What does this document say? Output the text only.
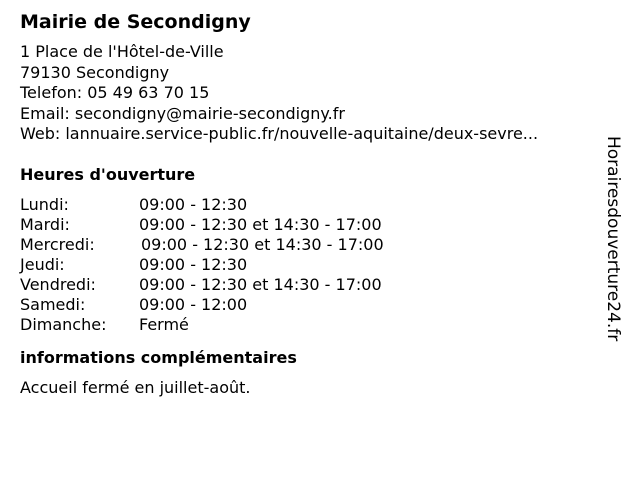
Mairie de Secondigny
1 Place de l'Hôtel-de-Ville
79130 Secondigny
Telefon: 05 49 63 70 15
Email: secondigny@mairie-secondigny.fr
Web: lannuaire.service-public.fr/nouvelle-aquitaine/deux-sevre...
Heures d'ouverture
Lundi:	09:00 - 12:30
Mardi:	09:00 - 12:30 et 14:30 - 17:00
Mercredi:	09:00 - 12:30 et 14:30 - 17:00
Jeudi:	09:00 - 12:30
Vendredi:	09:00 - 12:30 et 14:30 - 17:00
Samedi:	09:00 - 12:00
Dimanche: Fermé
informations complémentaires
Accueil fermé en juillet-août.
Horairesdouverture24.fr
